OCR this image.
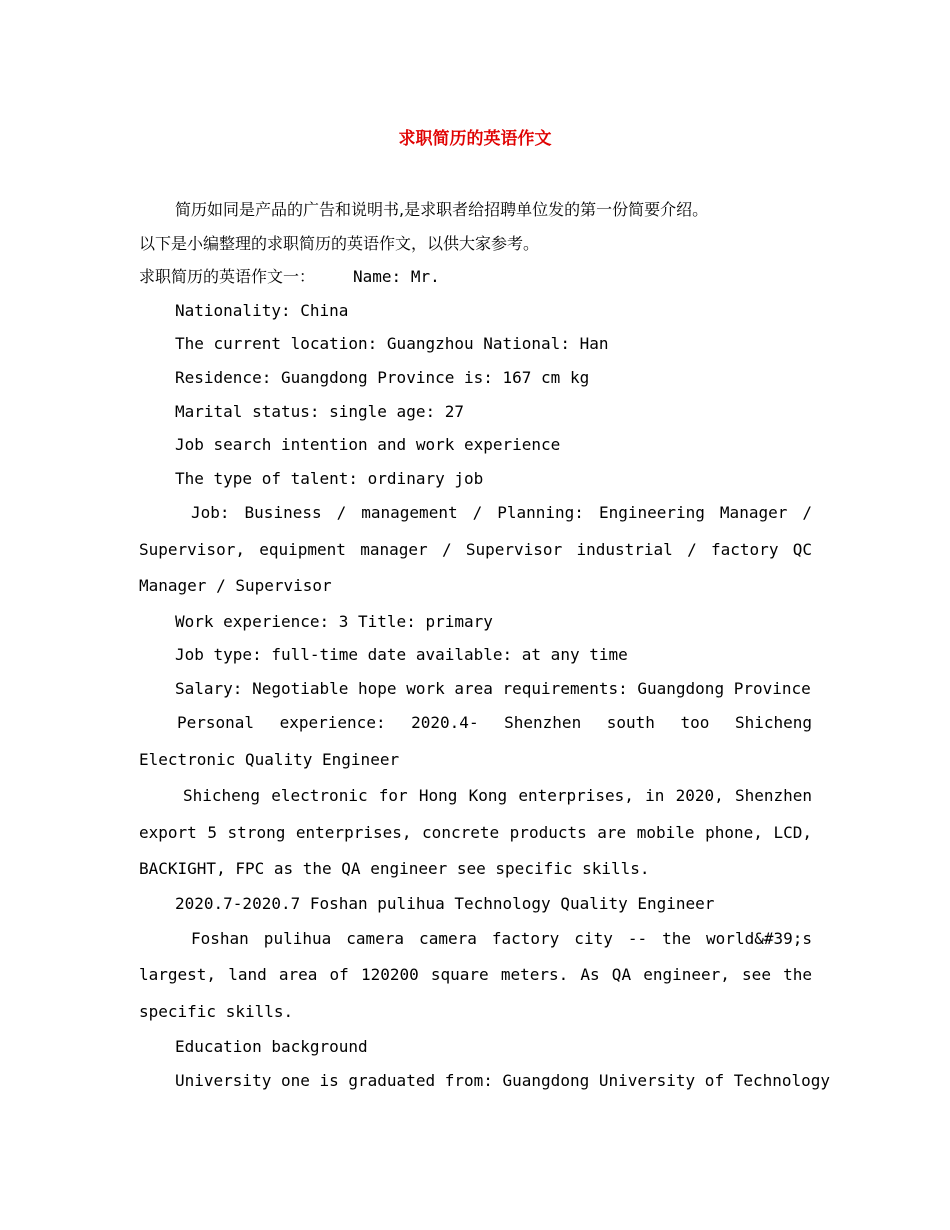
求职简历的英语作文

简历如同是产品的广告和说明书,是求职者给招聘单位发的第一份简要介绍。

以下是小编整理的求职简历的英语作文，以供大家参考。

求职简历的英语作文一： Name: Mr.

Nationality: China

The current location: Guangzhou National: Han

Residence: Guangdong Province is: 167 cm kg

Marital status: single age: 27

Job search intention and work experience

The type of talent: ordinary job

Job: Business / management / Planning: Engineering Manager / Supervisor, equipment manager / Supervisor industrial / factory QC Manager / Supervisor

Work experience: 3 Title: primary

Job type: full-time date available: at any time

Salary: Negotiable hope work area requirements: Guangdong Province

Personal experience: 2020.4- Shenzhen south too Shicheng Electronic Quality Engineer

Shicheng electronic for Hong Kong enterprises, in 2020, Shenzhen export 5 strong enterprises, concrete products are mobile phone, LCD, BACKIGHT, FPC as the QA engineer see specific skills.

2020.7-2020.7 Foshan pulihua Technology Quality Engineer

Foshan pulihua camera camera factory city -- the world&#39;s largest, land area of 120200 square meters. As QA engineer, see the specific skills.

Education background

University one is graduated from: Guangdong University of Technology
